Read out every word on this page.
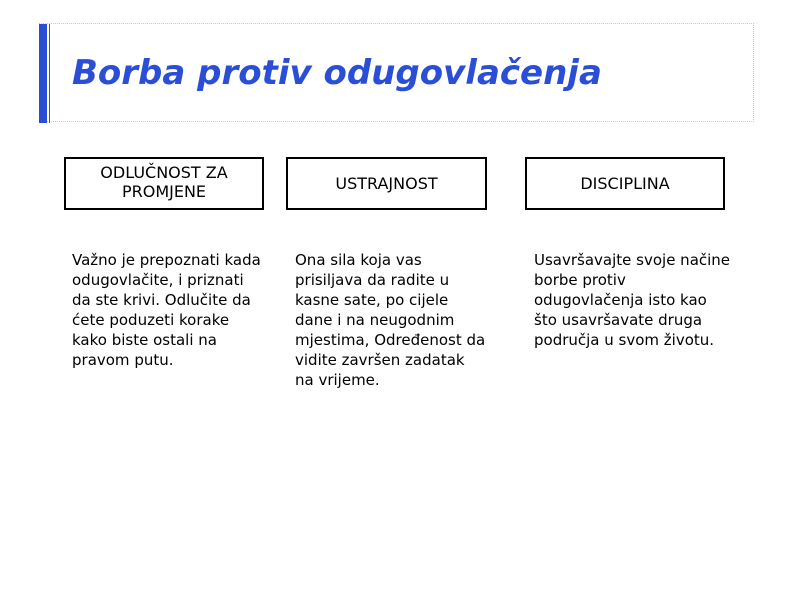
Borba protiv odugovlačenja
ODLUČNOST ZA PROMJENE	USTRAJNOST	DISCIPLINA

Važno je prepoznati kada odugovlačite, i priznati da ste krivi. Odlučite da ćete poduzeti korake kako biste ostali na pravom putu.

Ona sila koja vas prisiljava da radite u kasne sate, po cijele dane i na neugodnim mjestima, Određenost da vidite završen zadatak na vrijeme.

Usavršavajte svoje načine borbe protiv odugovlačenja isto kao što usavršavate druga područja u svom životu.
